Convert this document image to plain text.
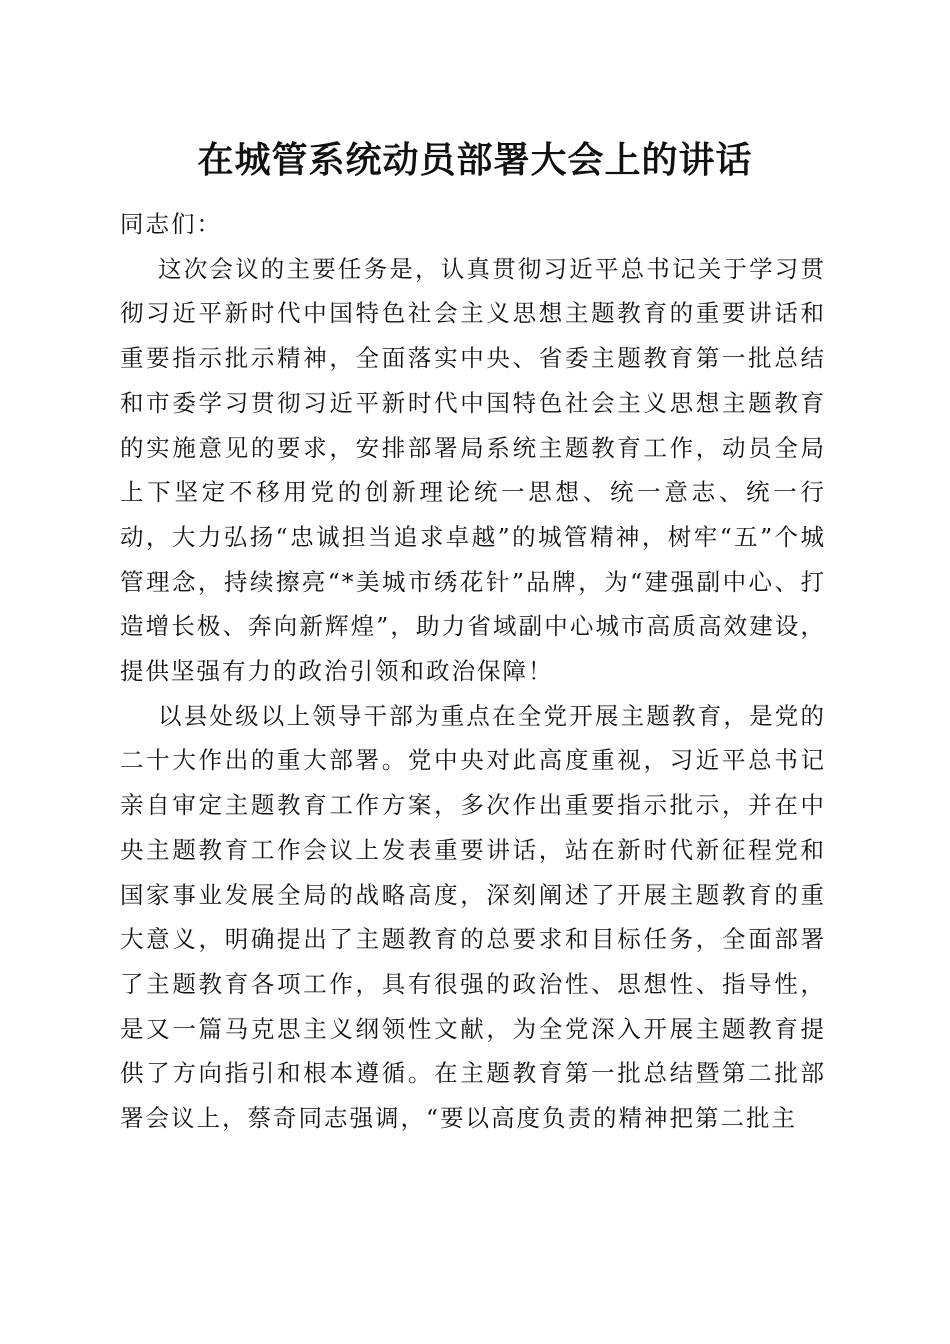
在城管系统动员部署大会上的讲话

同志们：

这次会议的主要任务是，认真贯彻习近平总书记关于学习贯彻习近平新时代中国特色社会主义思想主题教育的重要讲话和重要指示批示精神，全面落实中央、省委主题教育第一批总结和市委学习贯彻习近平新时代中国特色社会主义思想主题教育的实施意见的要求，安排部署局系统主题教育工作，动员全局上下坚定不移用党的创新理论统一思想、统一意志、统一行动，大力弘扬“忠诚担当追求卓越”的城管精神，树牢“五”个城管理念，持续擦亮“*美城市绣花针”品牌，为“建强副中心、打造增长极、奔向新辉煌”，助力省域副中心城市高质高效建设，提供坚强有力的政治引领和政治保障！

以县处级以上领导干部为重点在全党开展主题教育，是党的二十大作出的重大部署。党中央对此高度重视，习近平总书记亲自审定主题教育工作方案，多次作出重要指示批示，并在中央主题教育工作会议上发表重要讲话，站在新时代新征程党和国家事业发展全局的战略高度，深刻阐述了开展主题教育的重大意义，明确提出了主题教育的总要求和目标任务，全面部署了主题教育各项工作，具有很强的政治性、思想性、指导性，是又一篇马克思主义纲领性文献，为全党深入开展主题教育提供了方向指引和根本遵循。在主题教育第一批总结暨第二批部署会议上，蔡奇同志强调，“要以高度负责的精神把第二批主
